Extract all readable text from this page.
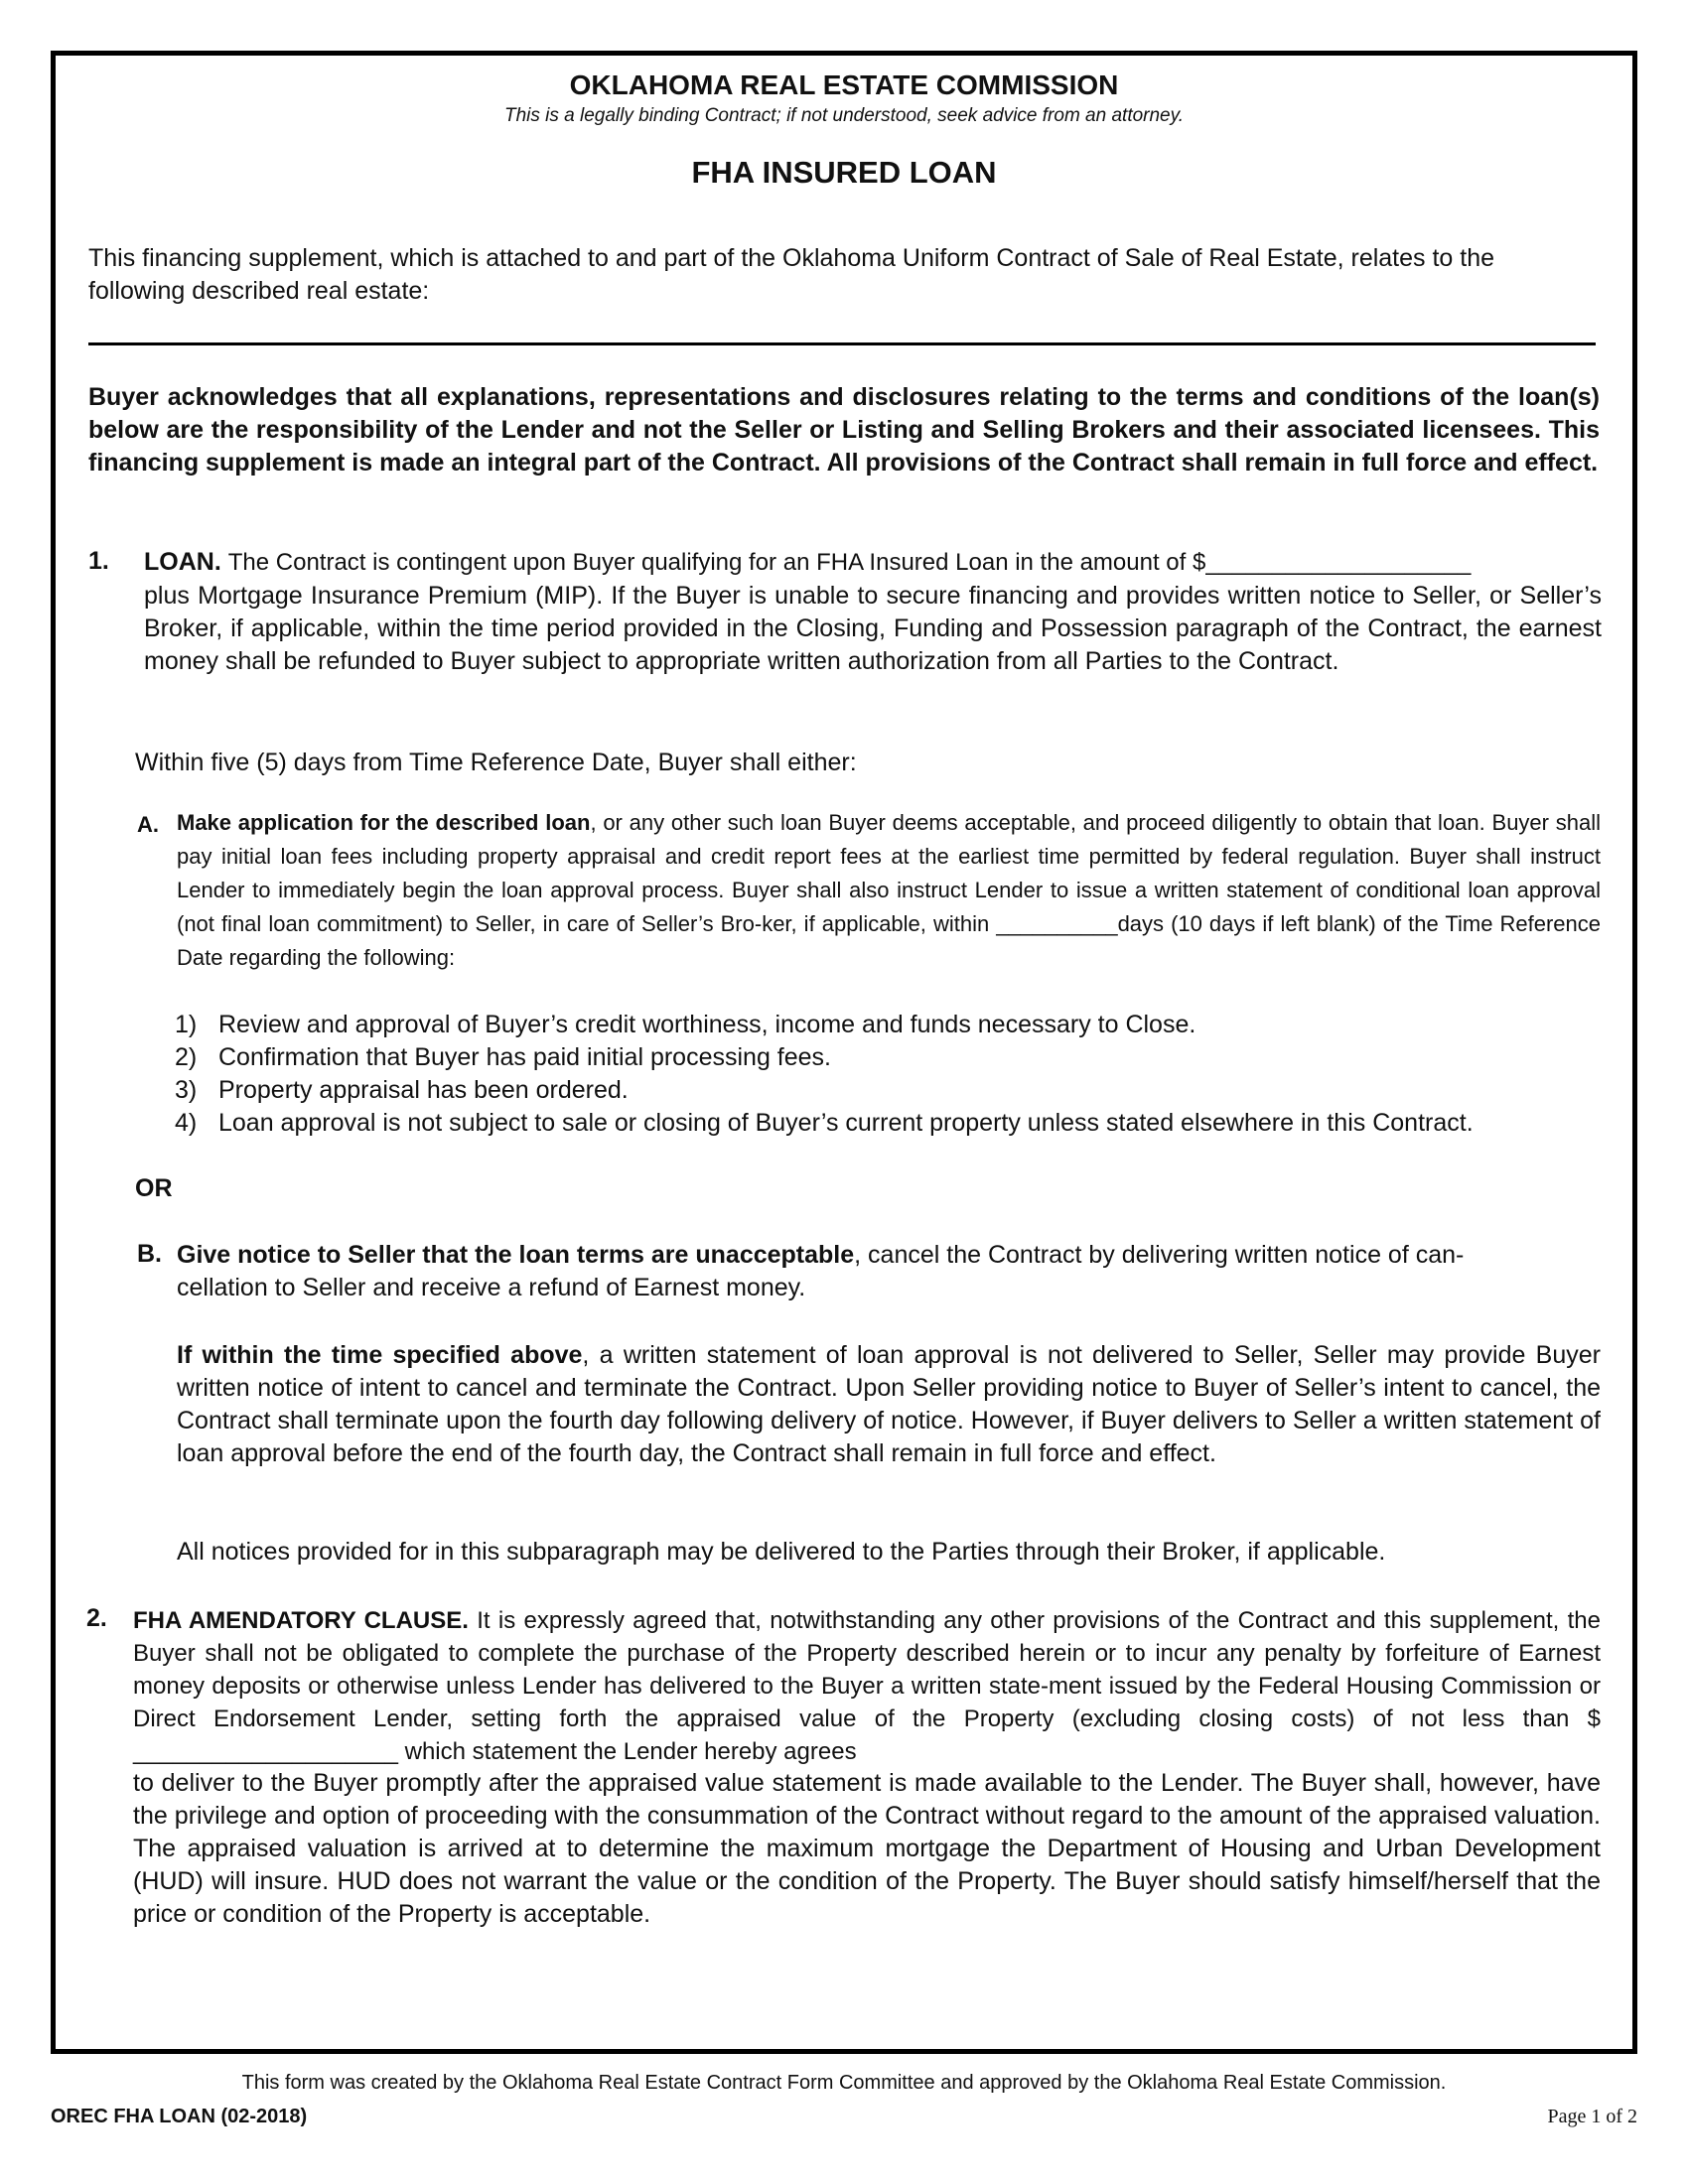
OKLAHOMA REAL ESTATE COMMISSION
This is a legally binding Contract; if not understood, seek advice from an attorney.
FHA INSURED LOAN
This financing supplement, which is attached to and part of the Oklahoma Uniform Contract of Sale of Real Estate, relates to the following described real estate:
Buyer acknowledges that all explanations, representations and disclosures relating to the terms and conditions of the loan(s) below are the responsibility of the Lender and not the Seller or Listing and Selling Brokers and their associated licensees. This financing supplement is made an integral part of the Contract. All provisions of the Contract shall remain in full force and effect.
1. LOAN. The Contract is contingent upon Buyer qualifying for an FHA Insured Loan in the amount of $____________________
plus Mortgage Insurance Premium (MIP). If the Buyer is unable to secure financing and provides written notice to Seller, or Seller’s Broker, if applicable, within the time period provided in the Closing, Funding and Possession paragraph of the Contract, the earnest money shall be refunded to Buyer subject to appropriate written authorization from all Parties to the Contract.
Within five (5) days from Time Reference Date, Buyer shall either:
A. Make application for the described loan, or any other such loan Buyer deems acceptable, and proceed diligently to obtain that loan. Buyer shall pay initial loan fees including property appraisal and credit report fees at the earliest time permitted by federal regulation. Buyer shall instruct Lender to immediately begin the loan approval process. Buyer shall also instruct Lender to issue a written statement of conditional loan approval (not final loan commitment) to Seller, in care of Seller’s Bro-ker, if applicable, within __________days (10 days if left blank) of the Time Reference Date regarding the following:
1) Review and approval of Buyer’s credit worthiness, income and funds necessary to Close.
2) Confirmation that Buyer has paid initial processing fees.
3) Property appraisal has been ordered.
4) Loan approval is not subject to sale or closing of Buyer’s current property unless stated elsewhere in this Contract.
OR
B. Give notice to Seller that the loan terms are unacceptable, cancel the Contract by delivering written notice of can-cellation to Seller and receive a refund of Earnest money.
If within the time specified above, a written statement of loan approval is not delivered to Seller, Seller may provide Buyer written notice of intent to cancel and terminate the Contract. Upon Seller providing notice to Buyer of Seller’s intent to cancel, the Contract shall terminate upon the fourth day following delivery of notice. However, if Buyer delivers to Seller a written statement of loan approval before the end of the fourth day, the Contract shall remain in full force and effect.
All notices provided for in this subparagraph may be delivered to the Parties through their Broker, if applicable.
2. FHA AMENDATORY CLAUSE. It is expressly agreed that, notwithstanding any other provisions of the Contract and this supplement, the Buyer shall not be obligated to complete the purchase of the Property described herein or to incur any penalty by forfeiture of Earnest money deposits or otherwise unless Lender has delivered to the Buyer a written state-ment issued by the Federal Housing Commission or Direct Endorsement Lender, setting forth the appraised value of the Property (excluding closing costs) of not less than $ ____________________ which statement the Lender hereby agrees
to deliver to the Buyer promptly after the appraised value statement is made available to the Lender. The Buyer shall, however, have the privilege and option of proceeding with the consummation of the Contract without regard to the amount of the appraised valuation. The appraised valuation is arrived at to determine the maximum mortgage the Department of Housing and Urban Development (HUD) will insure. HUD does not warrant the value or the condition of the Property. The Buyer should satisfy himself/herself that the price or condition of the Property is acceptable.
This form was created by the Oklahoma Real Estate Contract Form Committee and approved by the Oklahoma Real Estate Commission.
OREC FHA LOAN (02-2018)	Page 1 of 2
